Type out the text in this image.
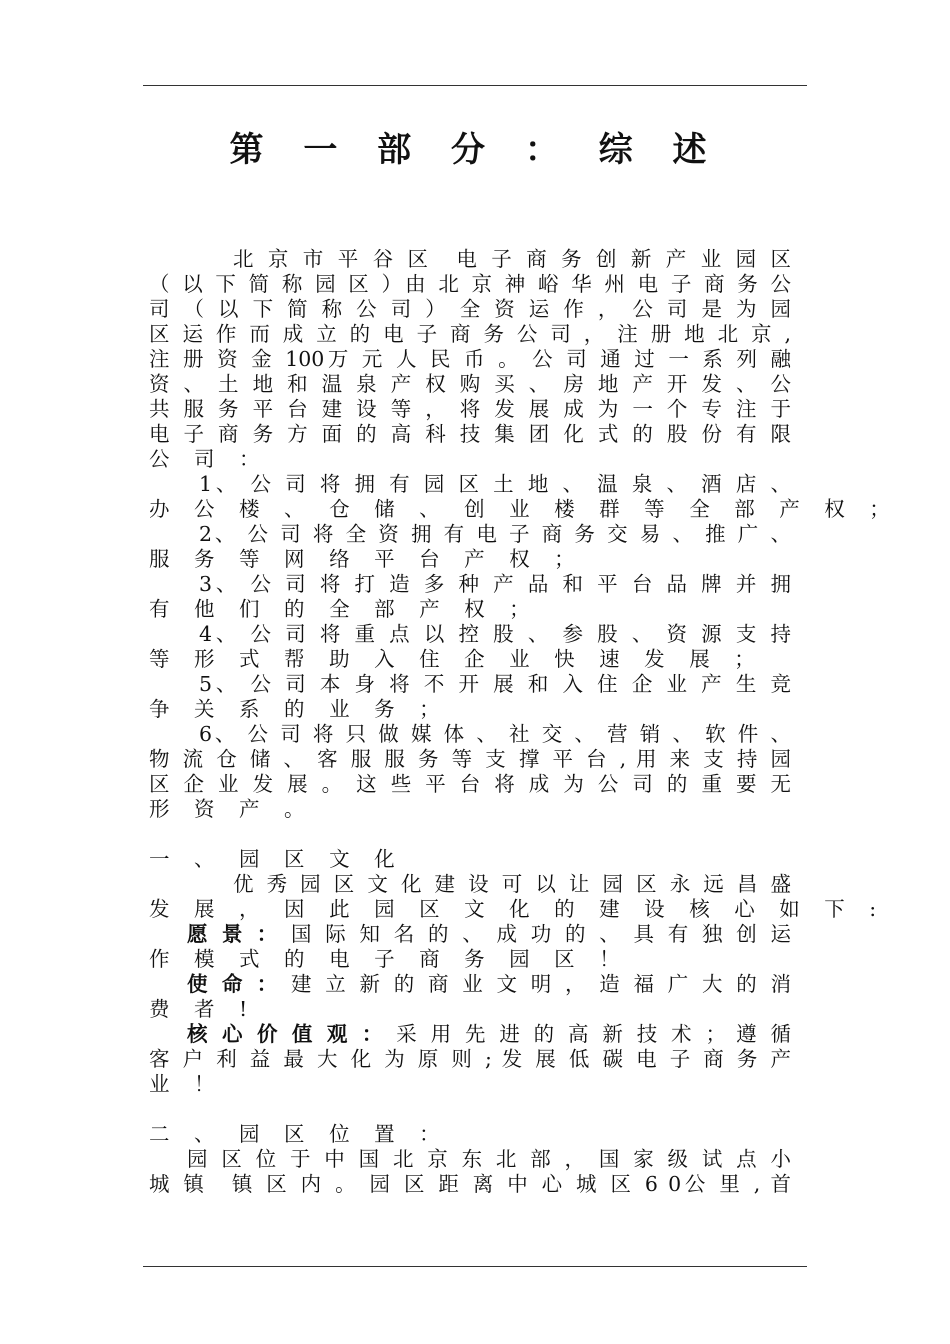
第 一 部 分 ： 综 述
北 京 市 平 谷 区　电 子 商 务 创 新 产 业 园 区
（ 以 下 简 称 园 区 ）由 北 京 神 峪 华 州 电 子 商 务 公
司 （ 以 下 简 称 公 司 ） 全 资 运 作 ， 公 司 是 为 园
区 运 作 而 成 立 的 电 子 商 务 公 司 ， 注 册 地 北 京 ,
注 册 资 金 100万 元 人 民 币 。 公 司 通 过 一 系 列 融
资 、 土 地 和 温 泉 产 权 购 买 、 房 地 产 开 发 、 公
共 服 务 平 台 建 设 等 ， 将 发 展 成 为 一 个 专 注 于
电 子 商 务 方 面 的 高 科 技 集 团 化 式 的 股 份 有 限
公 司 ：
1、 公 司 将 拥 有 园 区 土 地 、 温 泉 、 酒 店 、
办 公 楼 、 仓 储 、 创 业 楼 群 等 全 部 产 权 ；
2、 公 司 将 全 资 拥 有 电 子 商 务 交 易 、 推 广 、
服 务 等 网 络 平 台 产 权 ；
3、 公 司 将 打 造 多 种 产 品 和 平 台 品 牌 并 拥
有 他 们 的 全 部 产 权 ；
4、 公 司 将 重 点 以 控 股 、 参 股 、 资 源 支 持
等 形 式 帮 助 入 住 企 业 快 速 发 展 ；
5、 公 司 本 身 将 不 开 展 和 入 住 企 业 产 生 竞
争 关 系 的 业 务 ；
6、 公 司 将 只 做 媒 体 、 社 交 、 营 销 、 软 件 、
物 流 仓 储 、 客 服 服 务 等 支 撑 平 台 , 用 来 支 持 园
区 企 业 发 展 。 这 些 平 台 将 成 为 公 司 的 重 要 无
形 资 产 。
一 、 园 区 文 化
优 秀 园 区 文 化 建 设 可 以 让 园 区 永 远 昌 盛
发 展 ， 因 此 园 区 文 化 的 建 设 核 心 如 下 :
愿 景 ： 国 际 知 名 的 、 成 功 的 、 具 有 独 创 运
作 模 式 的 电 子 商 务 园 区 ！
使 命 ： 建 立 新 的 商 业 文 明 ， 造 福 广 大 的 消
费 者 !
核 心 价 值 观 ： 采 用 先 进 的 高 新 技 术 ； 遵 循
客 户 利 益 最 大 化 为 原 则 ; 发 展 低 碳 电 子 商 务 产
业 ！
二 、 园 区 位 置 ：
园 区 位 于 中 国 北 京 东 北 部 ， 国 家 级 试 点 小
城 镇　镇 区 内 。 园 区 距 离 中 心 城 区 6 0公 里 , 首
